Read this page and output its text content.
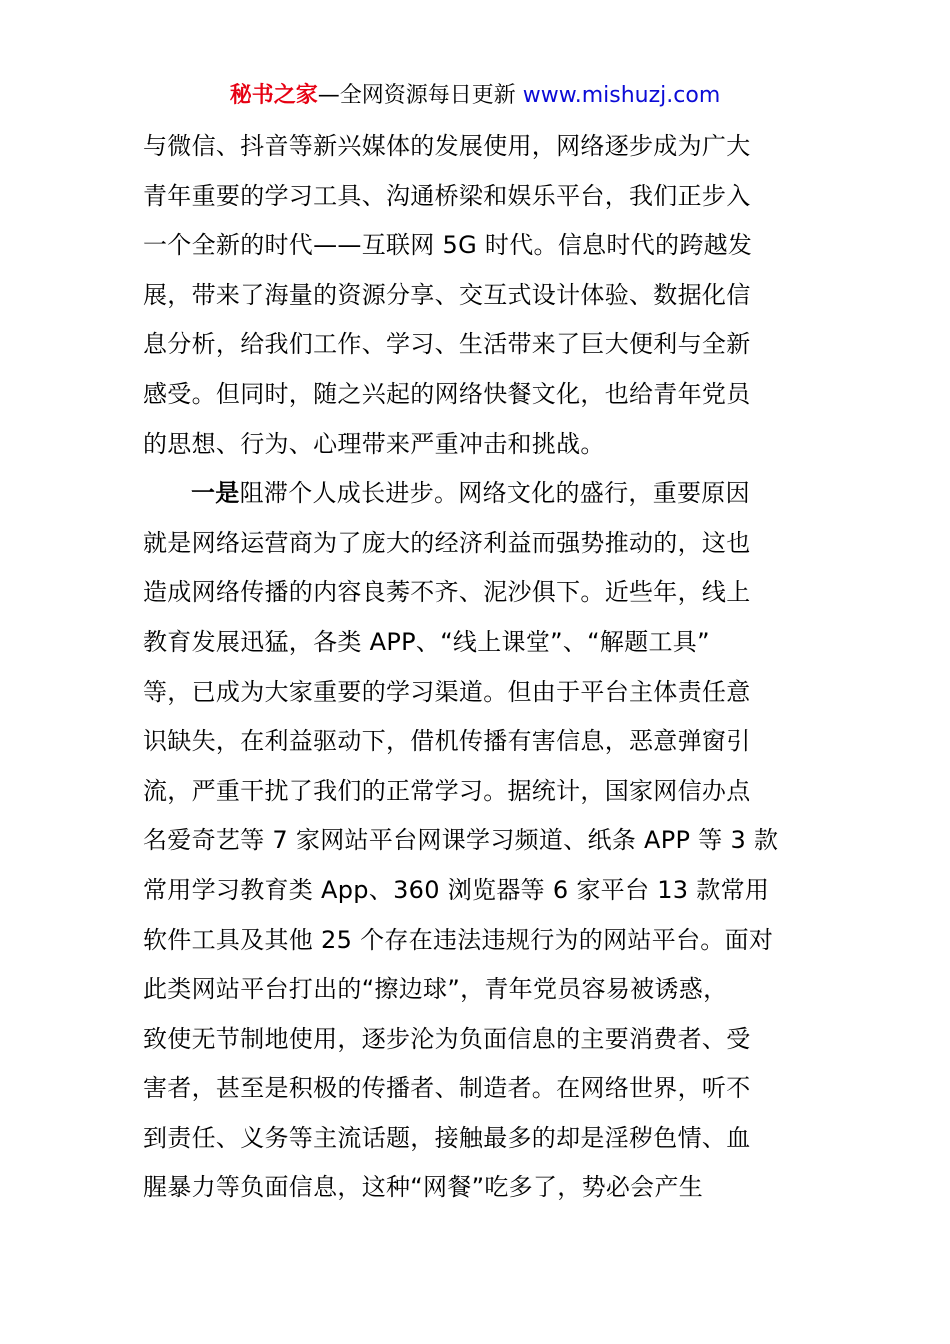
秘书之家—全网资源每日更新 www.mishuzj.com
与微信、抖音等新兴媒体的发展使用，网络逐步成为广大
青年重要的学习工具、沟通桥梁和娱乐平台，我们正步入
一个全新的时代——互联网 5G 时代。信息时代的跨越发
展，带来了海量的资源分享、交互式设计体验、数据化信
息分析，给我们工作、学习、生活带来了巨大便利与全新
感受。但同时，随之兴起的网络快餐文化，也给青年党员
的思想、行为、心理带来严重冲击和挑战。
一是阻滞个人成长进步。网络文化的盛行，重要原因
就是网络运营商为了庞大的经济利益而强势推动的，这也
造成网络传播的内容良莠不齐、泥沙俱下。近些年，线上
教育发展迅猛，各类 APP、“线上课堂”、“解题工具”
等，已成为大家重要的学习渠道。但由于平台主体责任意
识缺失，在利益驱动下，借机传播有害信息，恶意弹窗引
流，严重干扰了我们的正常学习。据统计，国家网信办点
名爱奇艺等 7 家网站平台网课学习频道、纸条 APP 等 3 款
常用学习教育类 App、360 浏览器等 6 家平台 13 款常用
软件工具及其他 25 个存在违法违规行为的网站平台。面对
此类网站平台打出的“擦边球”，青年党员容易被诱惑，
致使无节制地使用，逐步沦为负面信息的主要消费者、受
害者，甚至是积极的传播者、制造者。在网络世界，听不
到责任、义务等主流话题，接触最多的却是淫秽色情、血
腥暴力等负面信息，这种“网餐”吃多了，势必会产生
